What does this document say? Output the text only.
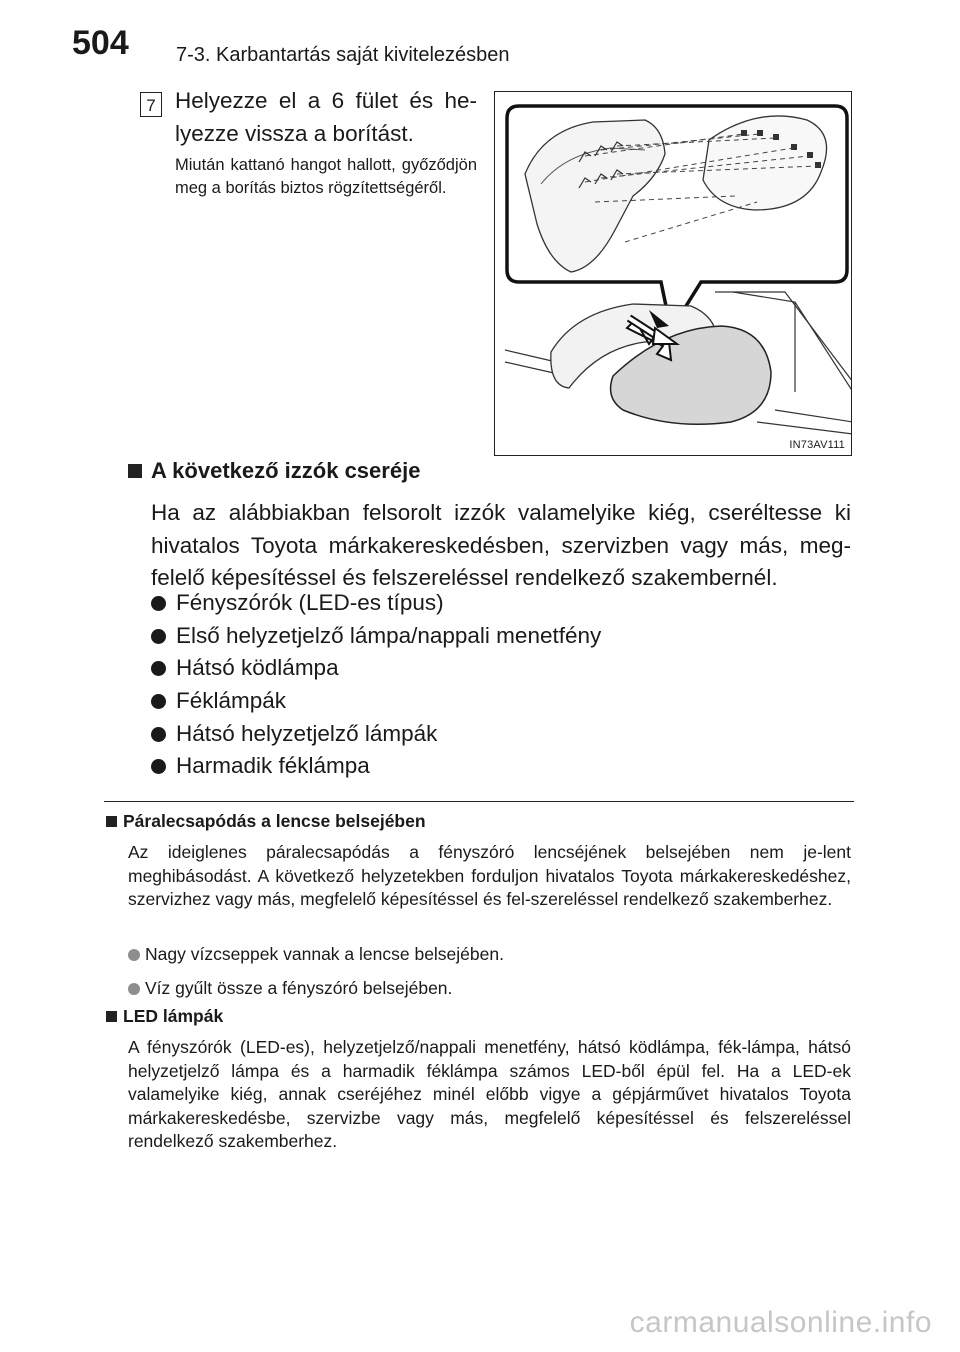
504 7-3. Karbantartás saját kivitelezésben
7 Helyezze el a 6 fület és he-lyezze vissza a borítást.
Miután kattanó hangot hallott, győződjön meg a borítás biztos rögzítettségéről.
IN73AV111
A következő izzók cseréje
Ha az alábbiakban felsorolt izzók valamelyike kiég, cseréltesse ki hivatalos Toyota márkakereskedésben, szervizben vagy más, meg-felelő képesítéssel és felszereléssel rendelkező szakembernél.
Fényszórók (LED-es típus)
Első helyzetjelző lámpa/nappali menetfény
Hátsó ködlámpa
Féklámpák
Hátsó helyzetjelző lámpák
Harmadik féklámpa
Páralecsapódás a lencse belsejében
Az ideiglenes páralecsapódás a fényszóró lencséjének belsejében nem je-lent meghibásodást. A következő helyzetekben forduljon hivatalos Toyota márkakereskedéshez, szervizhez vagy más, megfelelő képesítéssel és fel-szereléssel rendelkező szakemberhez.
Nagy vízcseppek vannak a lencse belsejében.
Víz gyűlt össze a fényszóró belsejében.
LED lámpák
A fényszórók (LED-es), helyzetjelző/nappali menetfény, hátsó ködlámpa, fék-lámpa, hátsó helyzetjelző lámpa és a harmadik féklámpa számos LED-ből épül fel. Ha a LED-ek valamelyike kiég, annak cseréjéhez minél előbb vigye a gépjárművet hivatalos Toyota márkakereskedésbe, szervizbe vagy más, megfelelő képesítéssel és felszereléssel rendelkező szakemberhez.
carmanualsonline.info
